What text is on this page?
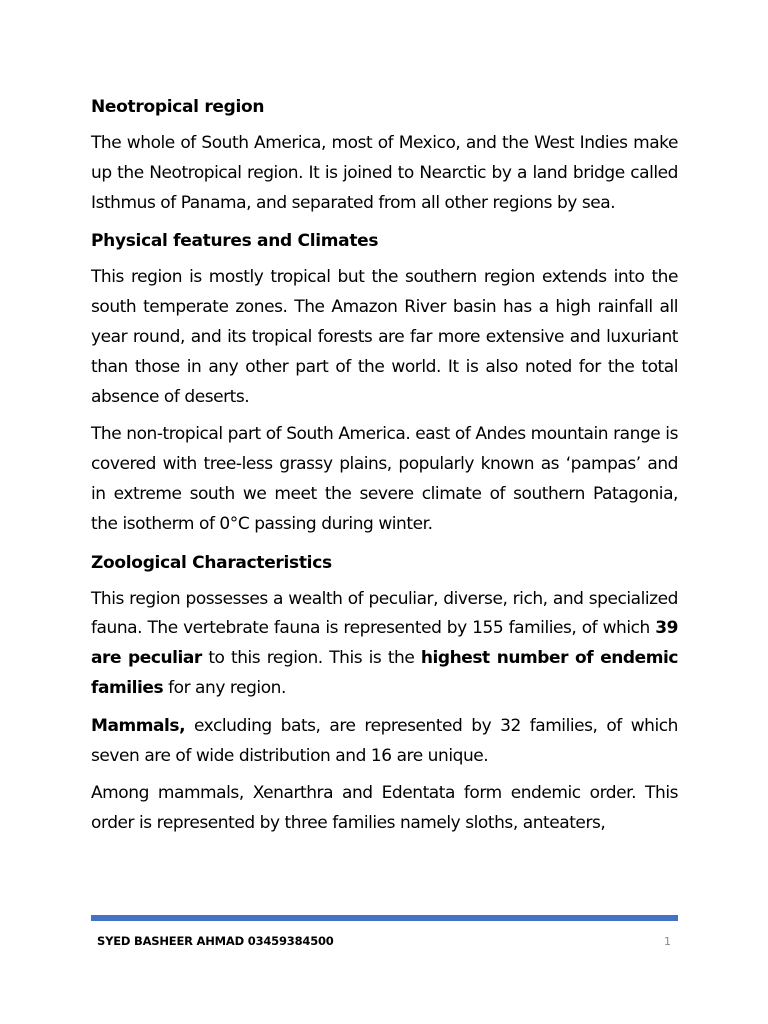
Neotropical region

The whole of South America, most of Mexico, and the West Indies make up the Neotropical region. It is joined to Nearctic by a land bridge called Isthmus of Panama, and separated from all other regions by sea.

Physical features and Climates

This region is mostly tropical but the southern region extends into the south temperate zones. The Amazon River basin has a high rainfall all year round, and its tropical forests are far more extensive and luxuriant than those in any other part of the world. It is also noted for the total absence of deserts.

The non-tropical part of South America. east of Andes mountain range is covered with tree-less grassy plains, popularly known as ‘pampas’ and in extreme south we meet the severe climate of southern Patagonia, the isotherm of 0°C passing during winter.

Zoological Characteristics

This region possesses a wealth of peculiar, diverse, rich, and specialized fauna. The vertebrate fauna is represented by 155 families, of which 39 are peculiar to this region. This is the highest number of endemic families for any region.

Mammals, excluding bats, are represented by 32 families, of which seven are of wide distribution and 16 are unique.

Among mammals, Xenarthra and Edentata form endemic order. This order is represented by three families namely sloths, anteaters,

SYED BASHEER AHMAD 03459384500	1
